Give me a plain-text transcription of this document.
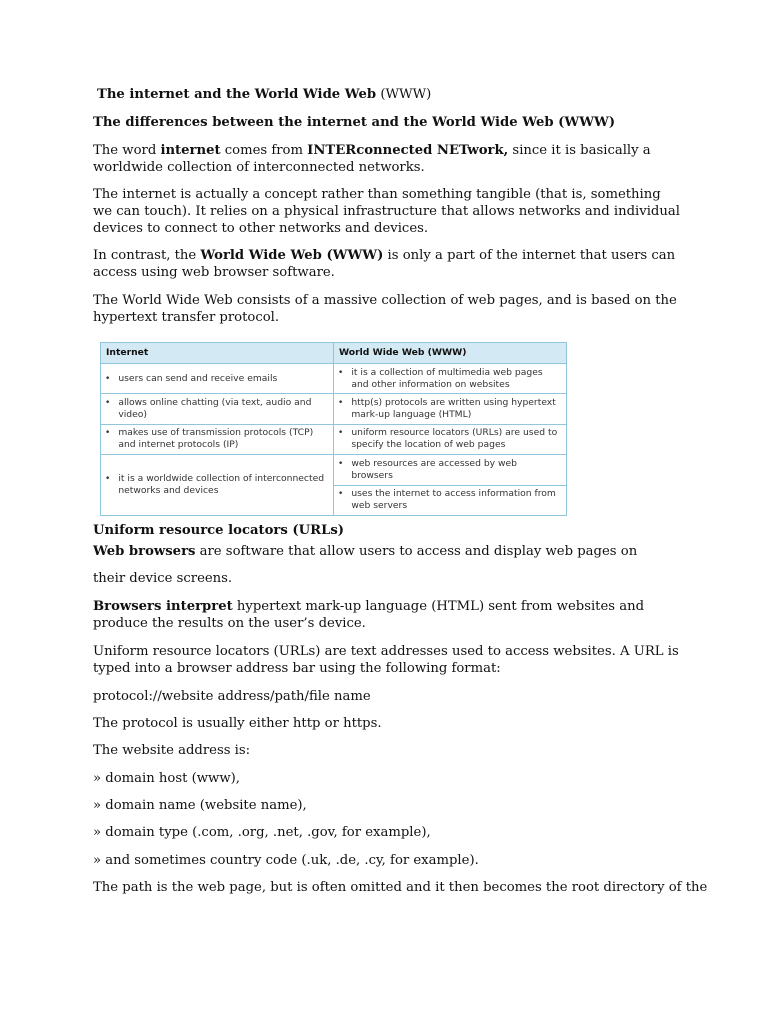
The internet and the World Wide Web (WWW)

The differences between the internet and the World Wide Web (WWW)

The word internet comes from INTERconnected NETwork, since it is basically a worldwide collection of interconnected networks.

The internet is actually a concept rather than something tangible (that is, something we can touch). It relies on a physical infrastructure that allows networks and individual devices to connect to other networks and devices.

In contrast, the World Wide Web (WWW) is only a part of the internet that users can access using web browser software.

The World Wide Web consists of a massive collection of web pages, and is based on the hypertext transfer protocol.

Internet	World Wide Web (WWW)

• users can send and receive emails	• it is a collection of multimedia web pages and other information on websites

• allows online chatting (via text, audio and video)	• http(s) protocols are written using hypertext mark-up language (HTML)

• makes use of transmission protocols (TCP) and internet protocols (IP)	• uniform resource locators (URLs) are used to specify the location of web pages

• it is a worldwide collection of interconnected networks and devices	• web resources are accessed by web browsers

	• uses the internet to access information from web servers

Uniform resource locators (URLs)

Web browsers are software that allow users to access and display web pages on

their device screens.

Browsers interpret hypertext mark-up language (HTML) sent from websites and produce the results on the user’s device.

Uniform resource locators (URLs) are text addresses used to access websites. A URL is typed into a browser address bar using the following format:

protocol://website address/path/file name

The protocol is usually either http or https.

The website address is:

» domain host (www),

» domain name (website name),

» domain type (.com, .org, .net, .gov, for example),

» and sometimes country code (.uk, .de, .cy, for example).

The path is the web page, but is often omitted and it then becomes the root directory of the
